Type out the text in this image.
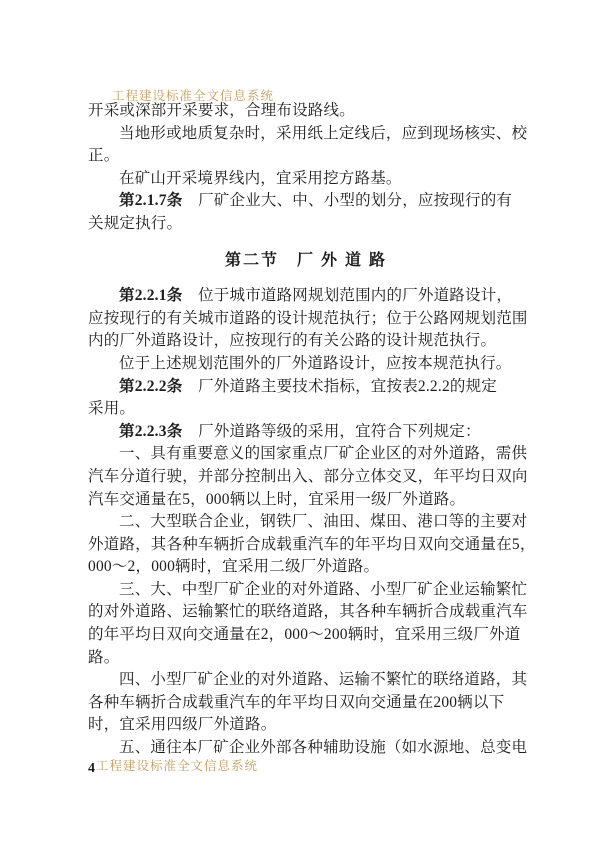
工程建设标准全文信息系统
开采或深部开采要求，合理布设路线。
当地形或地质复杂时，采用纸上定线后，应到现场核实、校
正。
在矿山开采境界线内，宜采用挖方路基。
第2.1.7条　厂矿企业大、中、小型的划分，应按现行的有
关规定执行。
第二节　厂 外 道 路
第2.2.1条　位于城市道路网规划范围内的厂外道路设计，
应按现行的有关城市道路的设计规范执行；位于公路网规划范围
内的厂外道路设计，应按现行的有关公路的设计规范执行。
位于上述规划范围外的厂外道路设计，应按本规范执行。
第2.2.2条　厂外道路主要技术指标，宜按表2.2.2的规定
采用。
第2.2.3条　厂外道路等级的采用，宜符合下列规定：
一、具有重要意义的国家重点厂矿企业区的对外道路，需供
汽车分道行驶，并部分控制出入、部分立体交叉，年平均日双向
汽车交通量在5，000辆以上时，宜采用一级厂外道路。
二、大型联合企业，钢铁厂、油田、煤田、港口等的主要对
外道路，其各种车辆折合成载重汽车的年平均日双向交通量在5，
000～2，000辆时，宜采用二级厂外道路。
三、大、中型厂矿企业的对外道路、小型厂矿企业运输繁忙
的对外道路、运输繁忙的联络道路，其各种车辆折合成载重汽车
的年平均日双向交通量在2，000～200辆时，宜采用三级厂外道
路。
四、小型厂矿企业的对外道路、运输不繁忙的联络道路，其
各种车辆折合成载重汽车的年平均日双向交通量在200辆以下
时，宜采用四级厂外道路。
五、通往本厂矿企业外部各种辅助设施（如水源地、总变电
4工程建设标准全文信息系统
